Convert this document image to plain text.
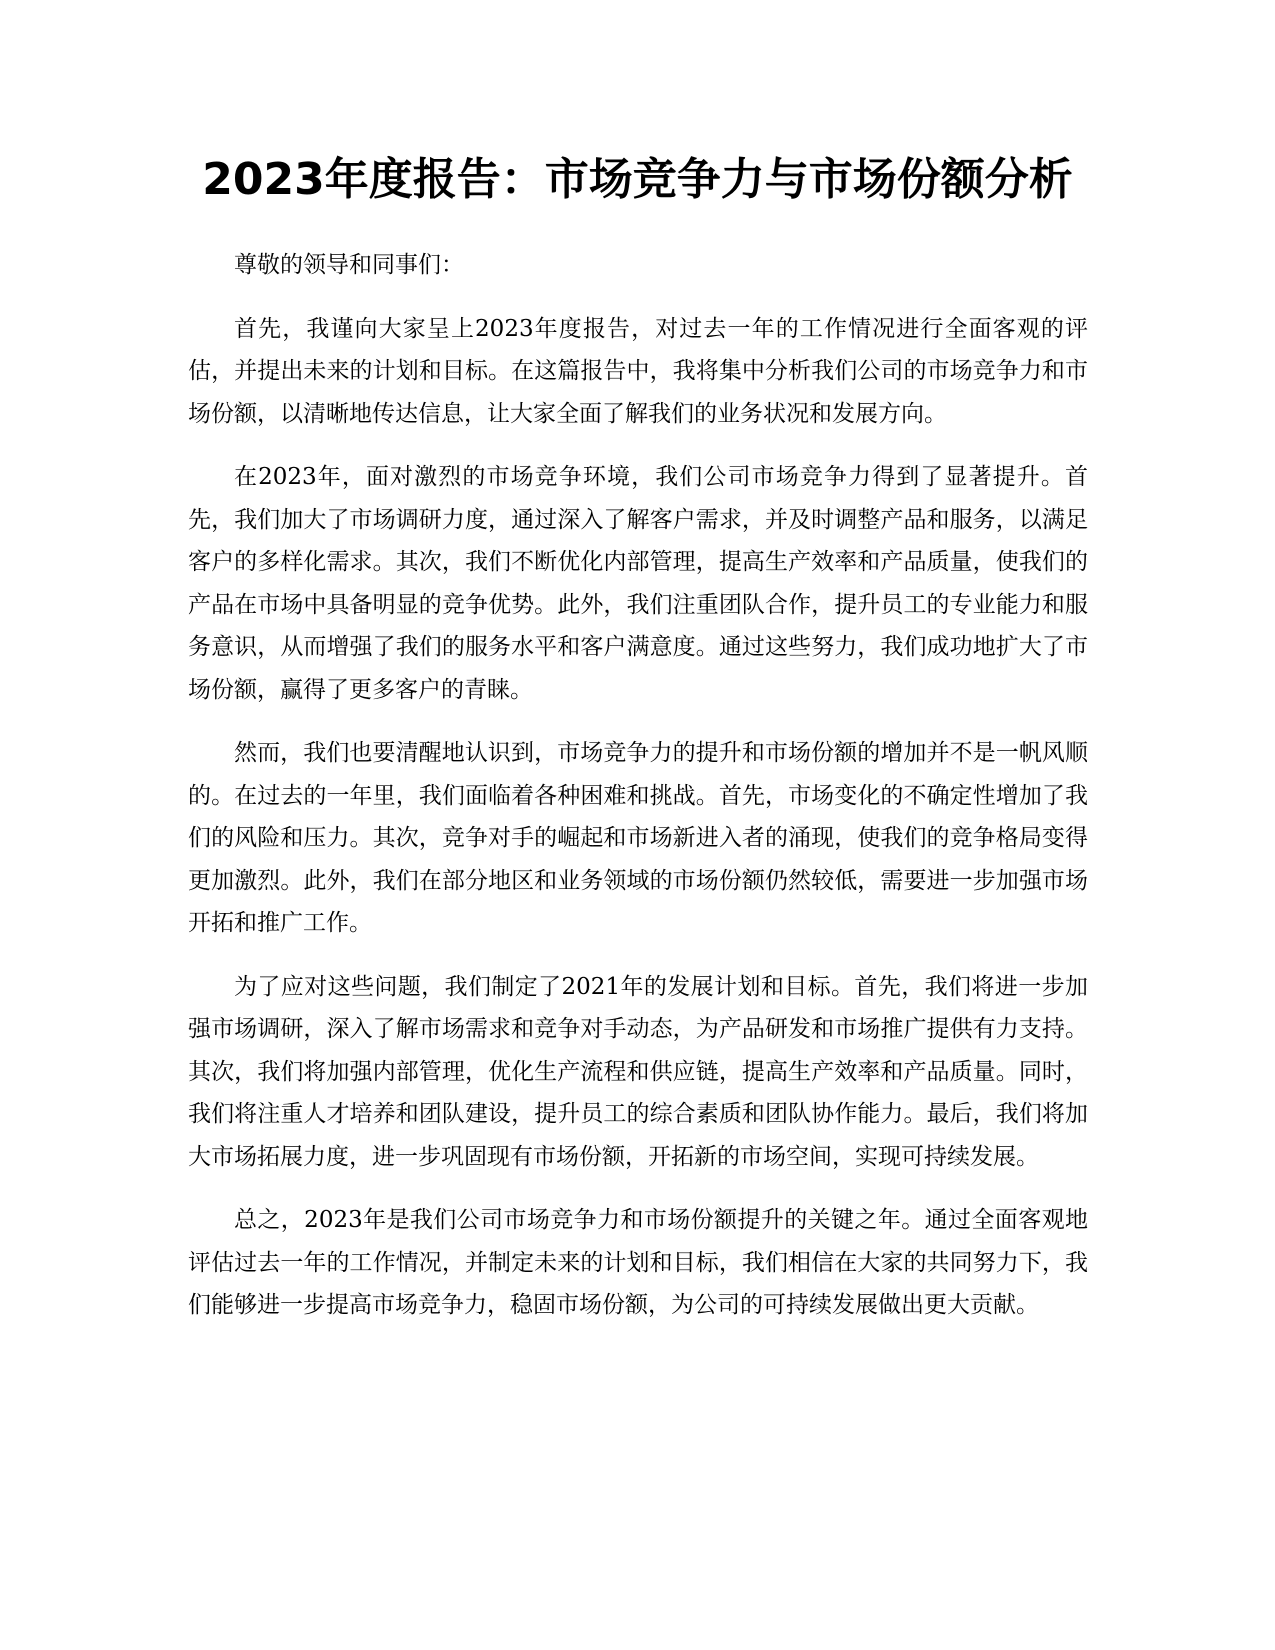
2023年度报告：市场竞争力与市场份额分析

尊敬的领导和同事们：

首先，我谨向大家呈上2023年度报告，对过去一年的工作情况进行全面客观的评估，并提出未来的计划和目标。在这篇报告中，我将集中分析我们公司的市场竞争力和市场份额，以清晰地传达信息，让大家全面了解我们的业务状况和发展方向。

在2023年，面对激烈的市场竞争环境，我们公司市场竞争力得到了显著提升。首先，我们加大了市场调研力度，通过深入了解客户需求，并及时调整产品和服务，以满足客户的多样化需求。其次，我们不断优化内部管理，提高生产效率和产品质量，使我们的产品在市场中具备明显的竞争优势。此外，我们注重团队合作，提升员工的专业能力和服务意识，从而增强了我们的服务水平和客户满意度。通过这些努力，我们成功地扩大了市场份额，赢得了更多客户的青睐。

然而，我们也要清醒地认识到，市场竞争力的提升和市场份额的增加并不是一帆风顺的。在过去的一年里，我们面临着各种困难和挑战。首先，市场变化的不确定性增加了我们的风险和压力。其次，竞争对手的崛起和市场新进入者的涌现，使我们的竞争格局变得更加激烈。此外，我们在部分地区和业务领域的市场份额仍然较低，需要进一步加强市场开拓和推广工作。

为了应对这些问题，我们制定了2021年的发展计划和目标。首先，我们将进一步加强市场调研，深入了解市场需求和竞争对手动态，为产品研发和市场推广提供有力支持。其次，我们将加强内部管理，优化生产流程和供应链，提高生产效率和产品质量。同时，我们将注重人才培养和团队建设，提升员工的综合素质和团队协作能力。最后，我们将加大市场拓展力度，进一步巩固现有市场份额，开拓新的市场空间，实现可持续发展。

总之，2023年是我们公司市场竞争力和市场份额提升的关键之年。通过全面客观地评估过去一年的工作情况，并制定未来的计划和目标，我们相信在大家的共同努力下，我们能够进一步提高市场竞争力，稳固市场份额，为公司的可持续发展做出更大贡献。
